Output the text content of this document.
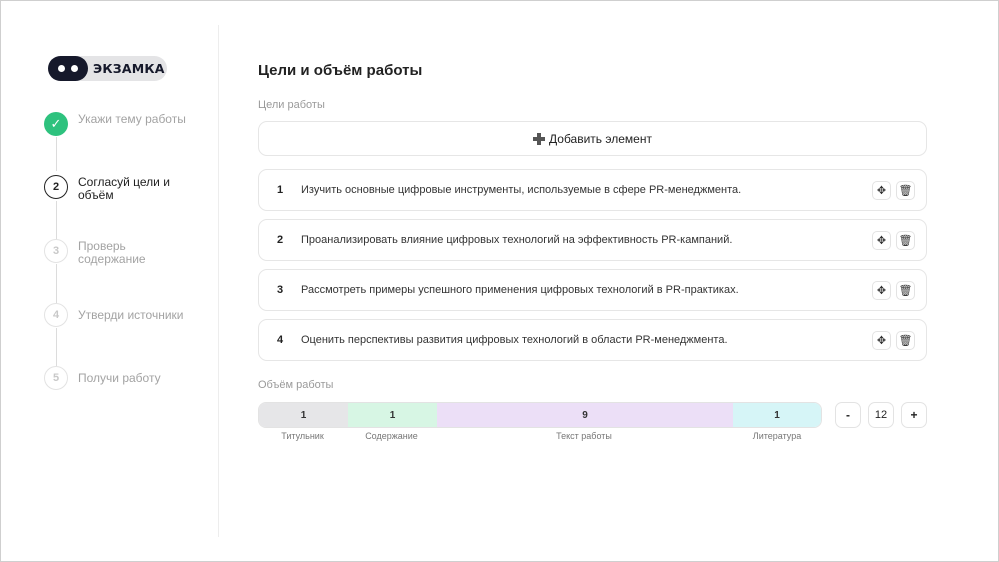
ЭКЗАМКА
✓	Укажи тему работы
2	Согласуй цели и объём
3	Проверь содержание
4	Утверди источники
5	Получи работу
Цели и объём работы
Цели работы
Добавить элемент
1	Изучить основные цифровые инструменты, используемые в сфере PR-менеджмента.	✥	🗑
2	Проанализировать влияние цифровых технологий на эффективность PR-кампаний.	✥	🗑
3	Рассмотреть примеры успешного применения цифровых технологий в PR-практиках.	✥	🗑
4	Оценить перспективы развития цифровых технологий в области PR-менеджмента.	✥	🗑
Объём работы
1	1	9	1
Титульник	Содержание	Текст работы	Литература
-	12	+
